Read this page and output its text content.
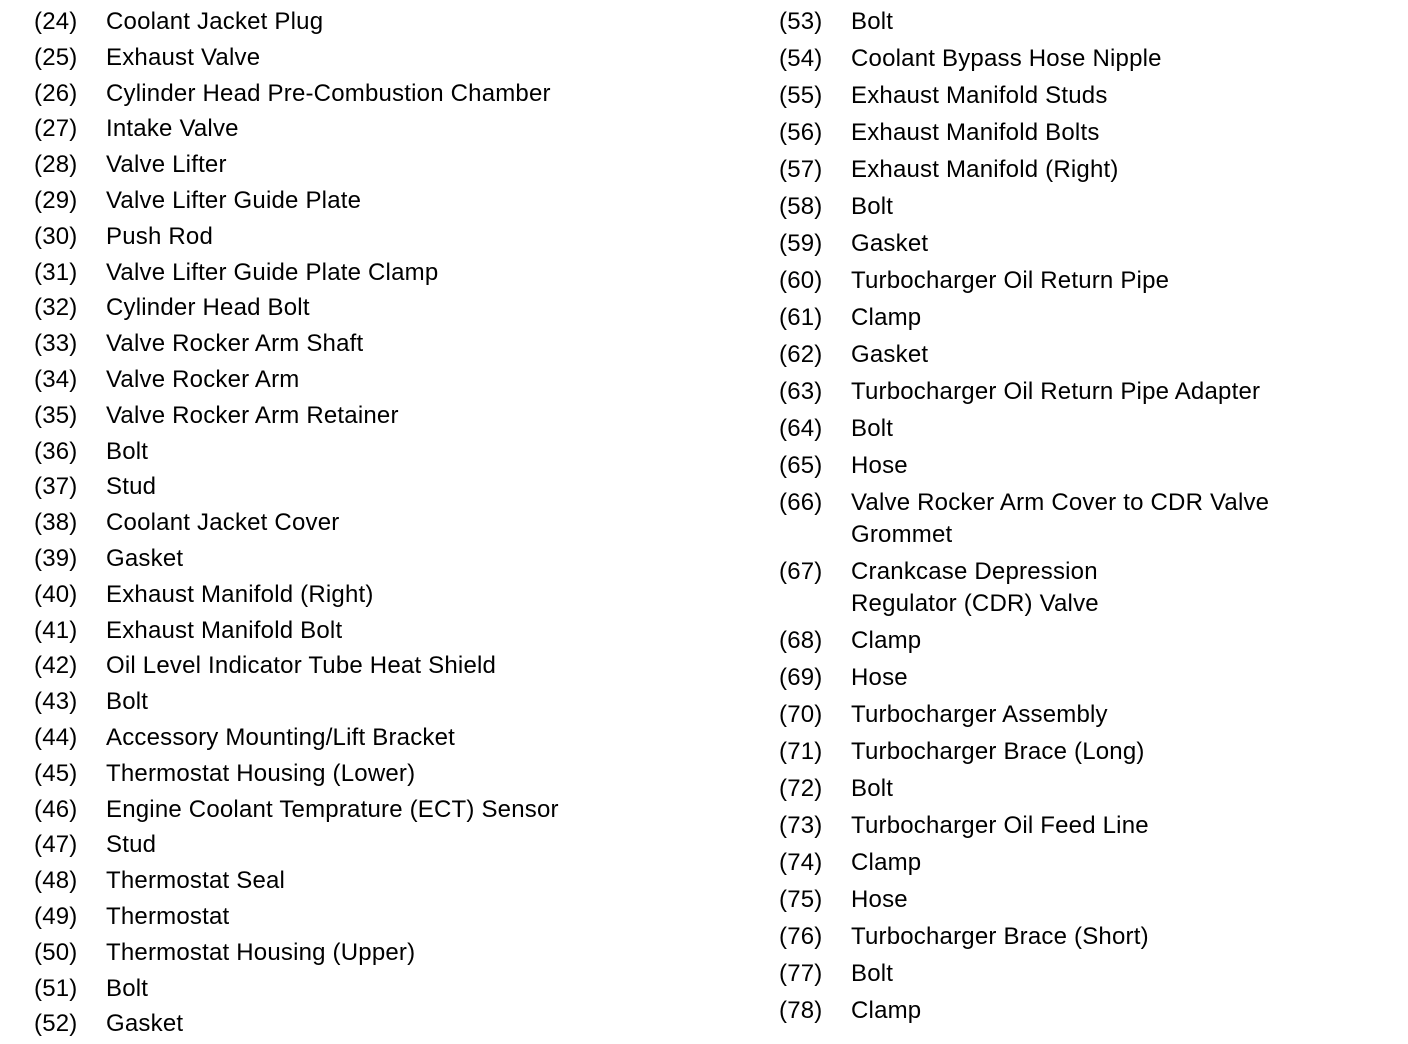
(24)	Coolant Jacket Plug
(25)	Exhaust Valve
(26)	Cylinder Head Pre-Combustion Chamber
(27)	Intake Valve
(28)	Valve Lifter
(29)	Valve Lifter Guide Plate
(30)	Push Rod
(31)	Valve Lifter Guide Plate Clamp
(32)	Cylinder Head Bolt
(33)	Valve Rocker Arm Shaft
(34)	Valve Rocker Arm
(35)	Valve Rocker Arm Retainer
(36)	Bolt
(37)	Stud
(38)	Coolant Jacket Cover
(39)	Gasket
(40)	Exhaust Manifold (Right)
(41)	Exhaust Manifold Bolt
(42)	Oil Level Indicator Tube Heat Shield
(43)	Bolt
(44)	Accessory Mounting/Lift Bracket
(45)	Thermostat Housing (Lower)
(46)	Engine Coolant Temprature (ECT) Sensor
(47)	Stud
(48)	Thermostat Seal
(49)	Thermostat
(50)	Thermostat Housing (Upper)
(51)	Bolt
(52)	Gasket
(53)	Bolt
(54)	Coolant Bypass Hose Nipple
(55)	Exhaust Manifold Studs
(56)	Exhaust Manifold Bolts
(57)	Exhaust Manifold (Right)
(58)	Bolt
(59)	Gasket
(60)	Turbocharger Oil Return Pipe
(61)	Clamp
(62)	Gasket
(63)	Turbocharger Oil Return Pipe Adapter
(64)	Bolt
(65)	Hose
(66)	Valve Rocker Arm Cover to CDR Valve Grommet
(67)	Crankcase Depression Regulator (CDR) Valve
(68)	Clamp
(69)	Hose
(70)	Turbocharger Assembly
(71)	Turbocharger Brace (Long)
(72)	Bolt
(73)	Turbocharger Oil Feed Line
(74)	Clamp
(75)	Hose
(76)	Turbocharger Brace (Short)
(77)	Bolt
(78)	Clamp
